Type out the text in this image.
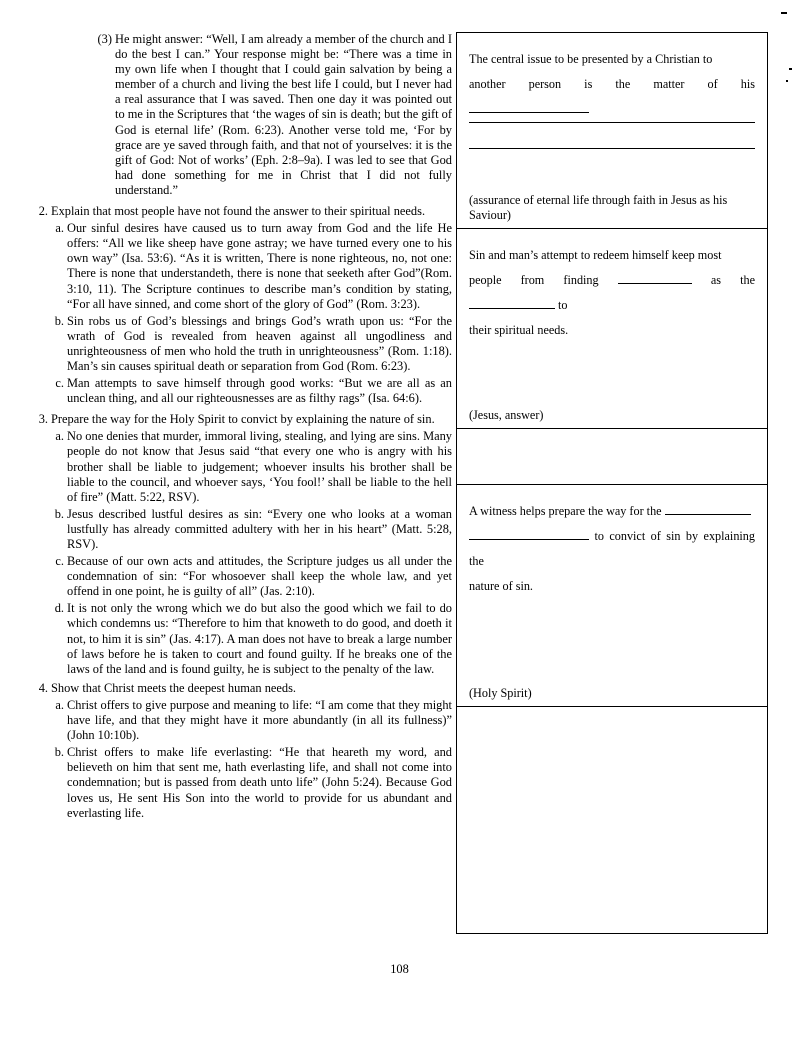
(3) He might answer: “Well, I am already a member of the church and I do the best I can.” Your response might be: “There was a time in my own life when I thought that I could gain salvation by being a member of a church and living the best life I could, but I never had a real assurance that I was saved. Then one day it was pointed out to me in the Scriptures that ‘the wages of sin is death; but the gift of God is eternal life’ (Rom. 6:23). Another verse told me, ‘For by grace are ye saved through faith, and that not of yourselves: it is the gift of God: Not of works’ (Eph. 2:8–9a). I was led to see that God had done something for me in Christ that I did not fully understand.”
2. Explain that most people have not found the answer to their spiritual needs.
a. Our sinful desires have caused us to turn away from God and the life He offers: “All we like sheep have gone astray; we have turned every one to his own way” (Isa. 53:6). “As it is written, There is none righteous, no, not one: There is none that understandeth, there is none that seeketh after God”(Rom. 3:10, 11). The Scripture continues to describe man’s condition by stating, “For all have sinned, and come short of the glory of God” (Rom. 3:23).
b. Sin robs us of God’s blessings and brings God’s wrath upon us: “For the wrath of God is revealed from heaven against all ungodliness and unrighteousness of men who hold the truth in unrighteousness” (Rom. 1:18). Man’s sin causes spiritual death or separation from God (Rom. 6:23).
c. Man attempts to save himself through good works: “But we are all as an unclean thing, and all our righteousnesses are as filthy rags” (Isa. 64:6).
3. Prepare the way for the Holy Spirit to convict by explaining the nature of sin.
a. No one denies that murder, immoral living, stealing, and lying are sins. Many people do not know that Jesus said “that every one who is angry with his brother shall be liable to judgement; whoever insults his brother shall be liable to the council, and whoever says, ‘You fool!’ shall be liable to the hell of fire” (Matt. 5:22, RSV).
b. Jesus described lustful desires as sin: “Every one who looks at a woman lustfully has already committed adultery with her in his heart” (Matt. 5:28, RSV).
c. Because of our own acts and attitudes, the Scripture judges us all under the condemnation of sin: “For whosoever shall keep the whole law, and yet offend in one point, he is guilty of all” (Jas. 2:10).
d. It is not only the wrong which we do but also the good which we fail to do which condemns us: “Therefore to him that knoweth to do good, and doeth it not, to him it is sin” (Jas. 4:17). A man does not have to break a large number of laws before he is taken to court and found guilty. If he breaks one of the laws of the land and is found guilty, he is subject to the penalty of the law.
4. Show that Christ meets the deepest human needs.
a. Christ offers to give purpose and meaning to life: “I am come that they might have life, and that they might have it more abundantly (in all its fullness)” (John 10:10b).
b. Christ offers to make life everlasting: “He that heareth my word, and believeth on him that sent me, hath everlasting life, and shall not come into condemnation; but is passed from death unto life” (John 5:24). Because God loves us, He sent His Son into the world to provide for us abundant and everlasting life.
The central issue to be presented by a Christian to
another person is the matter of his
(assurance of eternal life through faith in Jesus as his Saviour)
Sin and man’s attempt to redeem himself keep most
people from finding	as the  to
their spiritual needs.
(Jesus, answer)
A witness helps prepare the way for the
to convict of sin by explaining the
nature of sin.
(Holy Spirit)
108
